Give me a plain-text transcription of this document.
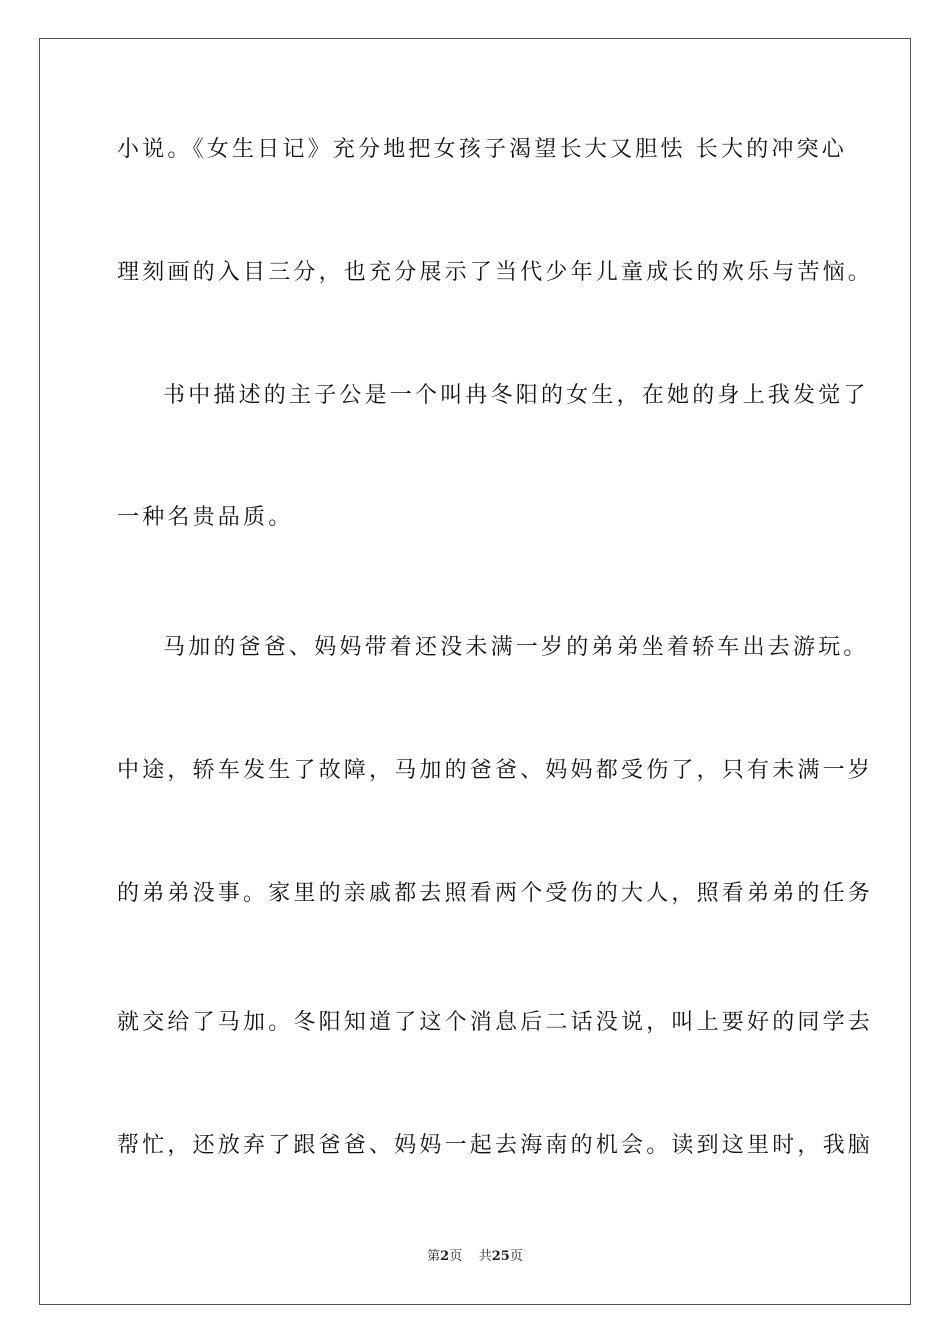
小说。《女生日记》充分地把女孩子渴望长大又胆怯 长大的冲突心
理刻画的入目三分，也充分展示了当代少年儿童成长的欢乐与苦恼。
书中描述的主子公是一个叫冉冬阳的女生，在她的身上我发觉了
一种名贵品质。
马加的爸爸、妈妈带着还没未满一岁的弟弟坐着轿车出去游玩。
中途，轿车发生了故障，马加的爸爸、妈妈都受伤了，只有未满一岁
的弟弟没事。家里的亲戚都去照看两个受伤的大人，照看弟弟的任务
就交给了马加。冬阳知道了这个消息后二话没说，叫上要好的同学去
帮忙，还放弃了跟爸爸、妈妈一起去海南的机会。读到这里时，我脑
第2页 共25页
